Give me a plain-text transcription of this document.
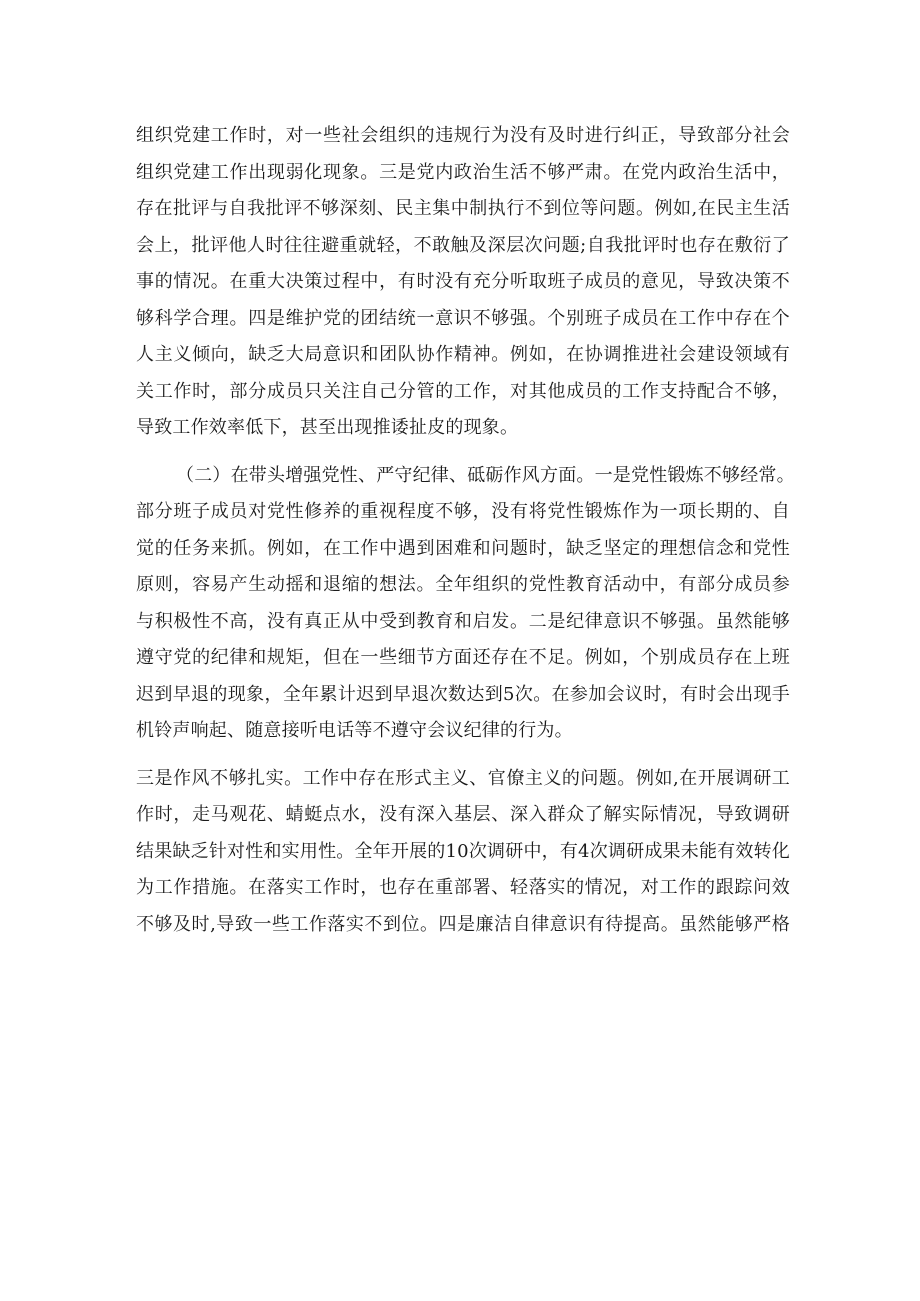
组织党建工作时，对一些社会组织的违规行为没有及时进行纠正，导致部分社会
组织党建工作出现弱化现象。三是党内政治生活不够严肃。在党内政治生活中，
存在批评与自我批评不够深刻、民主集中制执行不到位等问题。例如,在民主生活
会上，批评他人时往往避重就轻，不敢触及深层次问题;自我批评时也存在敷衍了
事的情况。在重大决策过程中，有时没有充分听取班子成员的意见，导致决策不
够科学合理。四是维护党的团结统一意识不够强。个别班子成员在工作中存在个
人主义倾向，缺乏大局意识和团队协作精神。例如，在协调推进社会建设领域有
关工作时，部分成员只关注自己分管的工作，对其他成员的工作支持配合不够，
导致工作效率低下，甚至出现推诿扯皮的现象。
（二）在带头增强党性、严守纪律、砥砺作风方面。一是党性锻炼不够经常。
部分班子成员对党性修养的重视程度不够，没有将党性锻炼作为一项长期的、自
觉的任务来抓。例如，在工作中遇到困难和问题时，缺乏坚定的理想信念和党性
原则，容易产生动摇和退缩的想法。全年组织的党性教育活动中，有部分成员参
与积极性不高，没有真正从中受到教育和启发。二是纪律意识不够强。虽然能够
遵守党的纪律和规矩，但在一些细节方面还存在不足。例如，个别成员存在上班
迟到早退的现象，全年累计迟到早退次数达到5次。在参加会议时，有时会出现手
机铃声响起、随意接听电话等不遵守会议纪律的行为。
三是作风不够扎实。工作中存在形式主义、官僚主义的问题。例如,在开展调研工
作时，走马观花、蜻蜓点水，没有深入基层、深入群众了解实际情况，导致调研
结果缺乏针对性和实用性。全年开展的10次调研中，有4次调研成果未能有效转化
为工作措施。在落实工作时，也存在重部署、轻落实的情况，对工作的跟踪问效
不够及时,导致一些工作落实不到位。四是廉洁自律意识有待提高。虽然能够严格
